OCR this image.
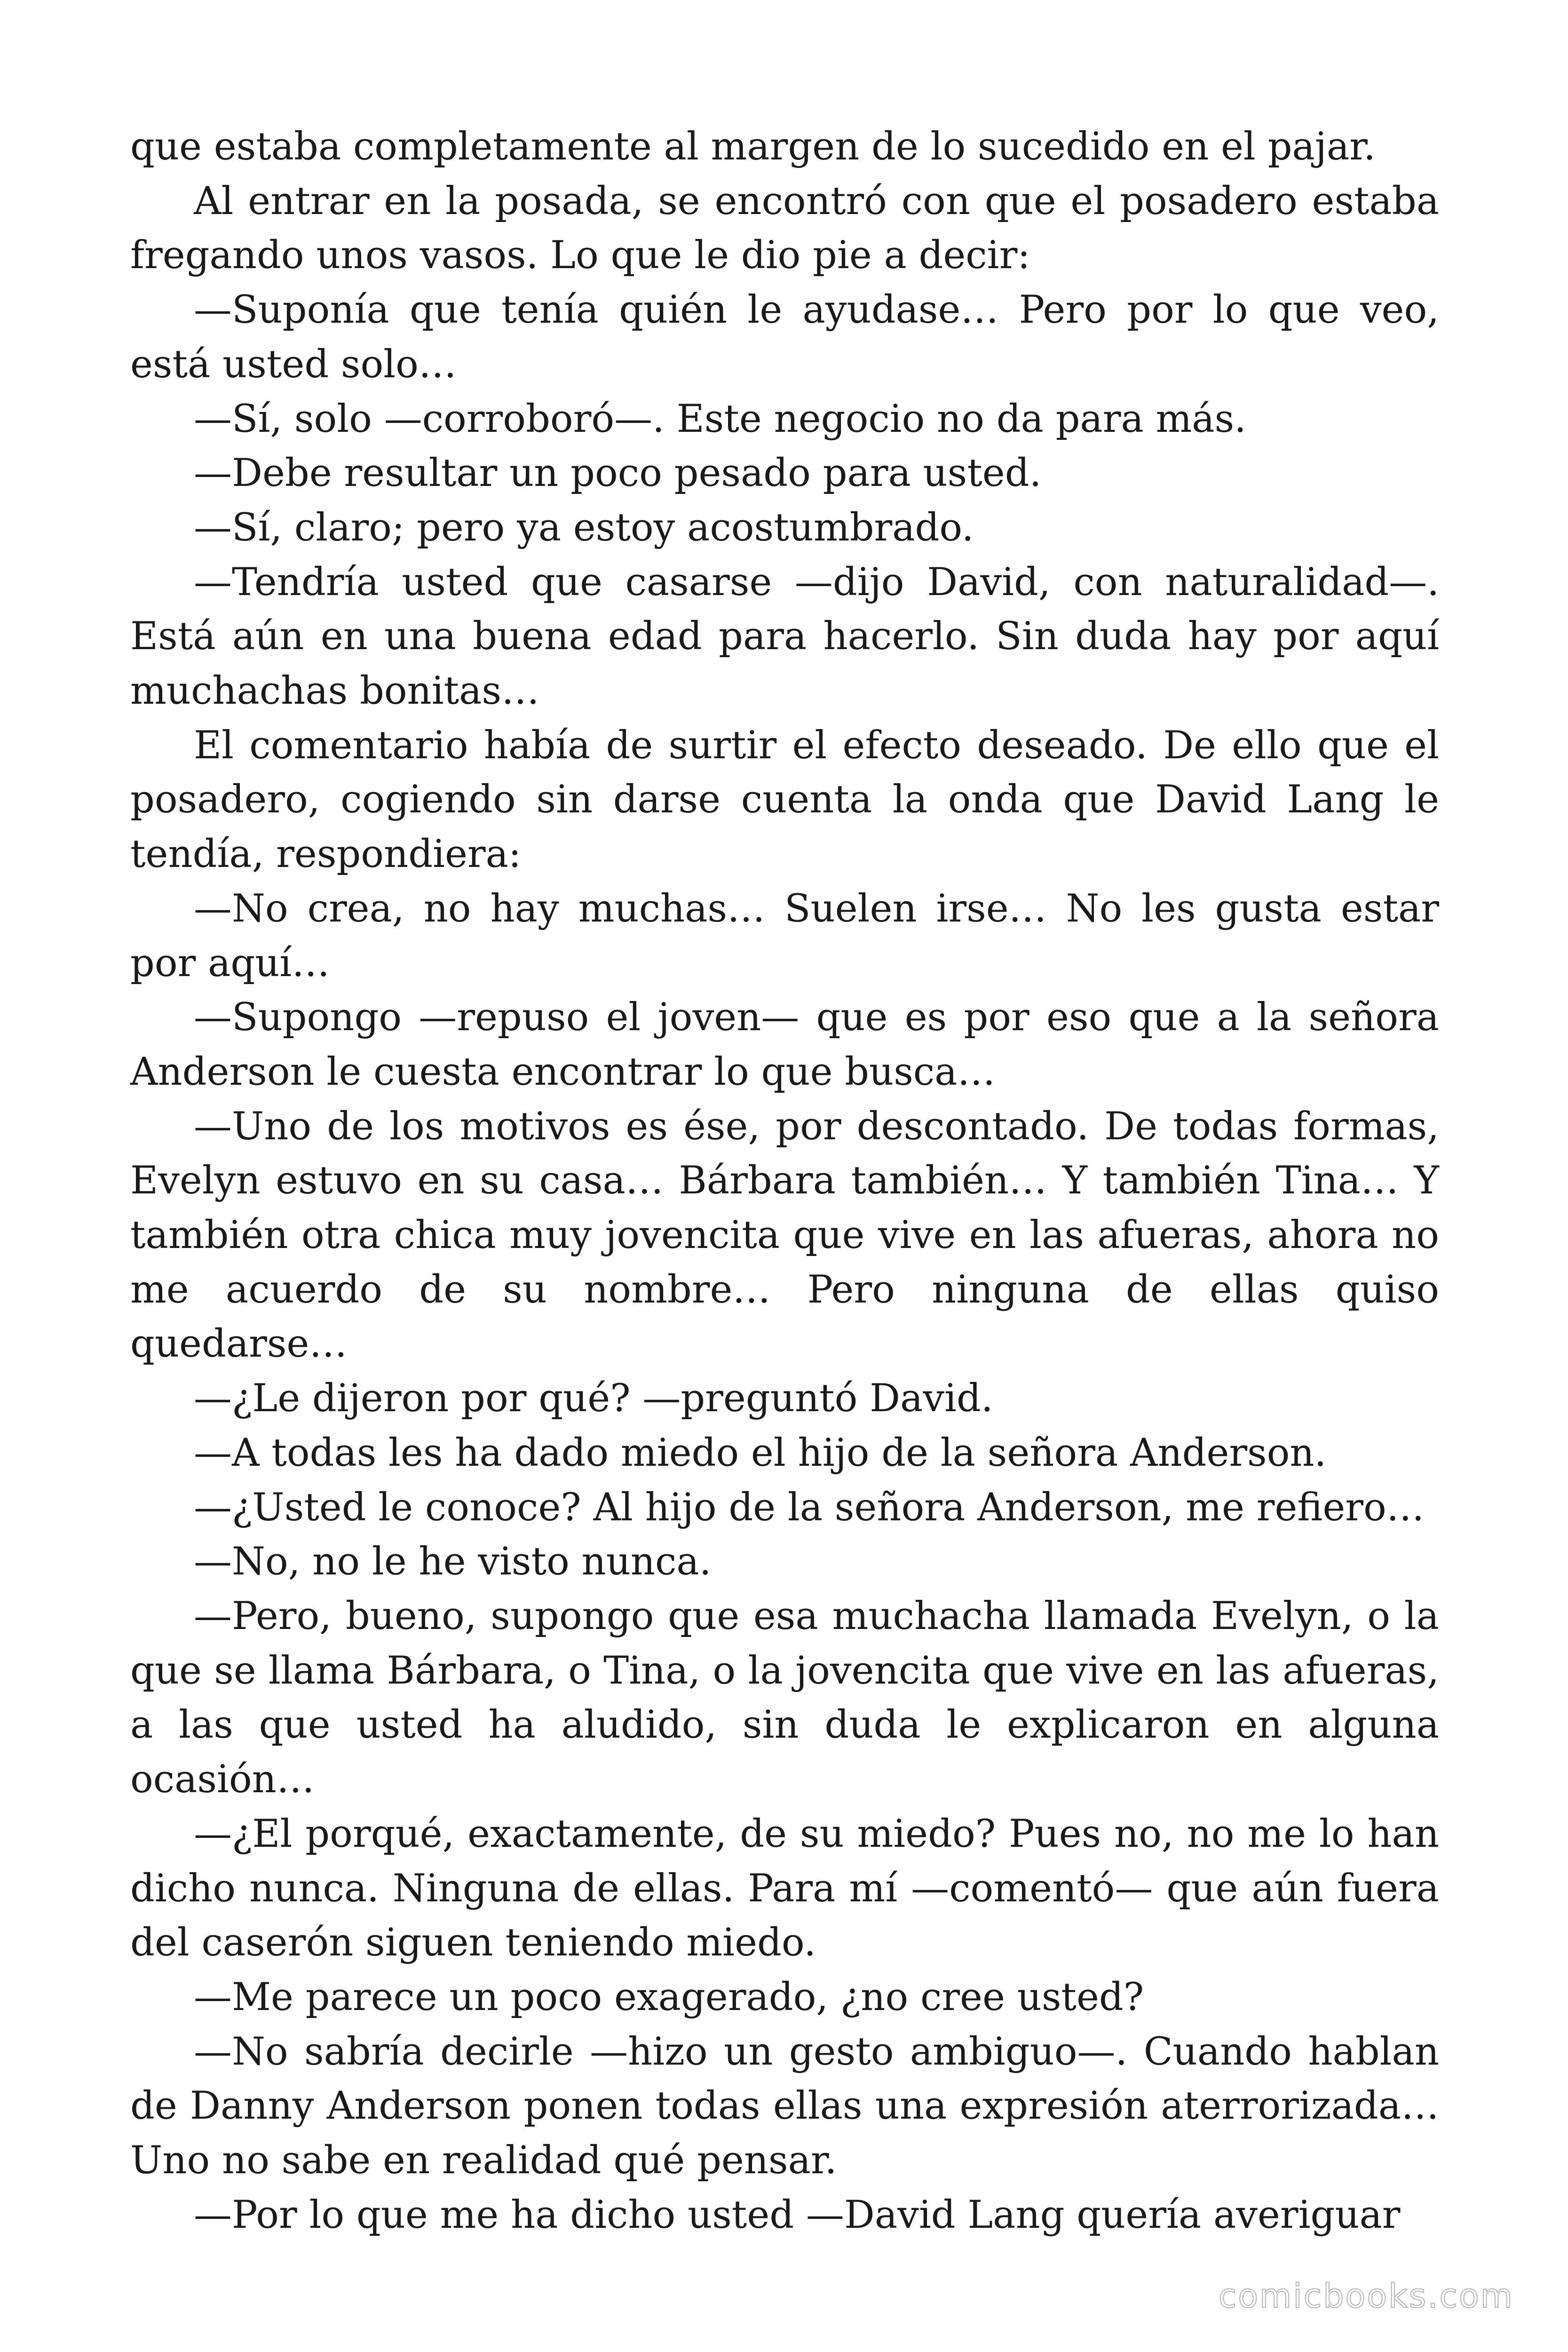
que estaba completamente al margen de lo sucedido en el pajar.

Al entrar en la posada, se encontró con que el posadero estaba fregando unos vasos. Lo que le dio pie a decir:

—Suponía que tenía quién le ayudase… Pero por lo que veo, está usted solo…

—Sí, solo —corroboró—. Este negocio no da para más.

—Debe resultar un poco pesado para usted.

—Sí, claro; pero ya estoy acostumbrado.

—Tendría usted que casarse —dijo David, con naturalidad—. Está aún en una buena edad para hacerlo. Sin duda hay por aquí muchachas bonitas…

El comentario había de surtir el efecto deseado. De ello que el posadero, cogiendo sin darse cuenta la onda que David Lang le tendía, respondiera:

—No crea, no hay muchas… Suelen irse… No les gusta estar por aquí…

—Supongo —repuso el joven— que es por eso que a la señora Anderson le cuesta encontrar lo que busca…

—Uno de los motivos es ése, por descontado. De todas formas, Evelyn estuvo en su casa… Bárbara también… Y también Tina… Y también otra chica muy jovencita que vive en las afueras, ahora no me acuerdo de su nombre… Pero ninguna de ellas quiso quedarse…

—¿Le dijeron por qué? —preguntó David.

—A todas les ha dado miedo el hijo de la señora Anderson.

—¿Usted le conoce? Al hijo de la señora Anderson, me refiero…

—No, no le he visto nunca.

—Pero, bueno, supongo que esa muchacha llamada Evelyn, o la que se llama Bárbara, o Tina, o la jovencita que vive en las afueras, a las que usted ha aludido, sin duda le explicaron en alguna ocasión…

—¿El porqué, exactamente, de su miedo? Pues no, no me lo han dicho nunca. Ninguna de ellas. Para mí —comentó— que aún fuera del caserón siguen teniendo miedo.

—Me parece un poco exagerado, ¿no cree usted?

—No sabría decirle —hizo un gesto ambiguo—. Cuando hablan de Danny Anderson ponen todas ellas una expresión aterrorizada… Uno no sabe en realidad qué pensar.

—Por lo que me ha dicho usted —David Lang quería averiguar

comicbooks.com
